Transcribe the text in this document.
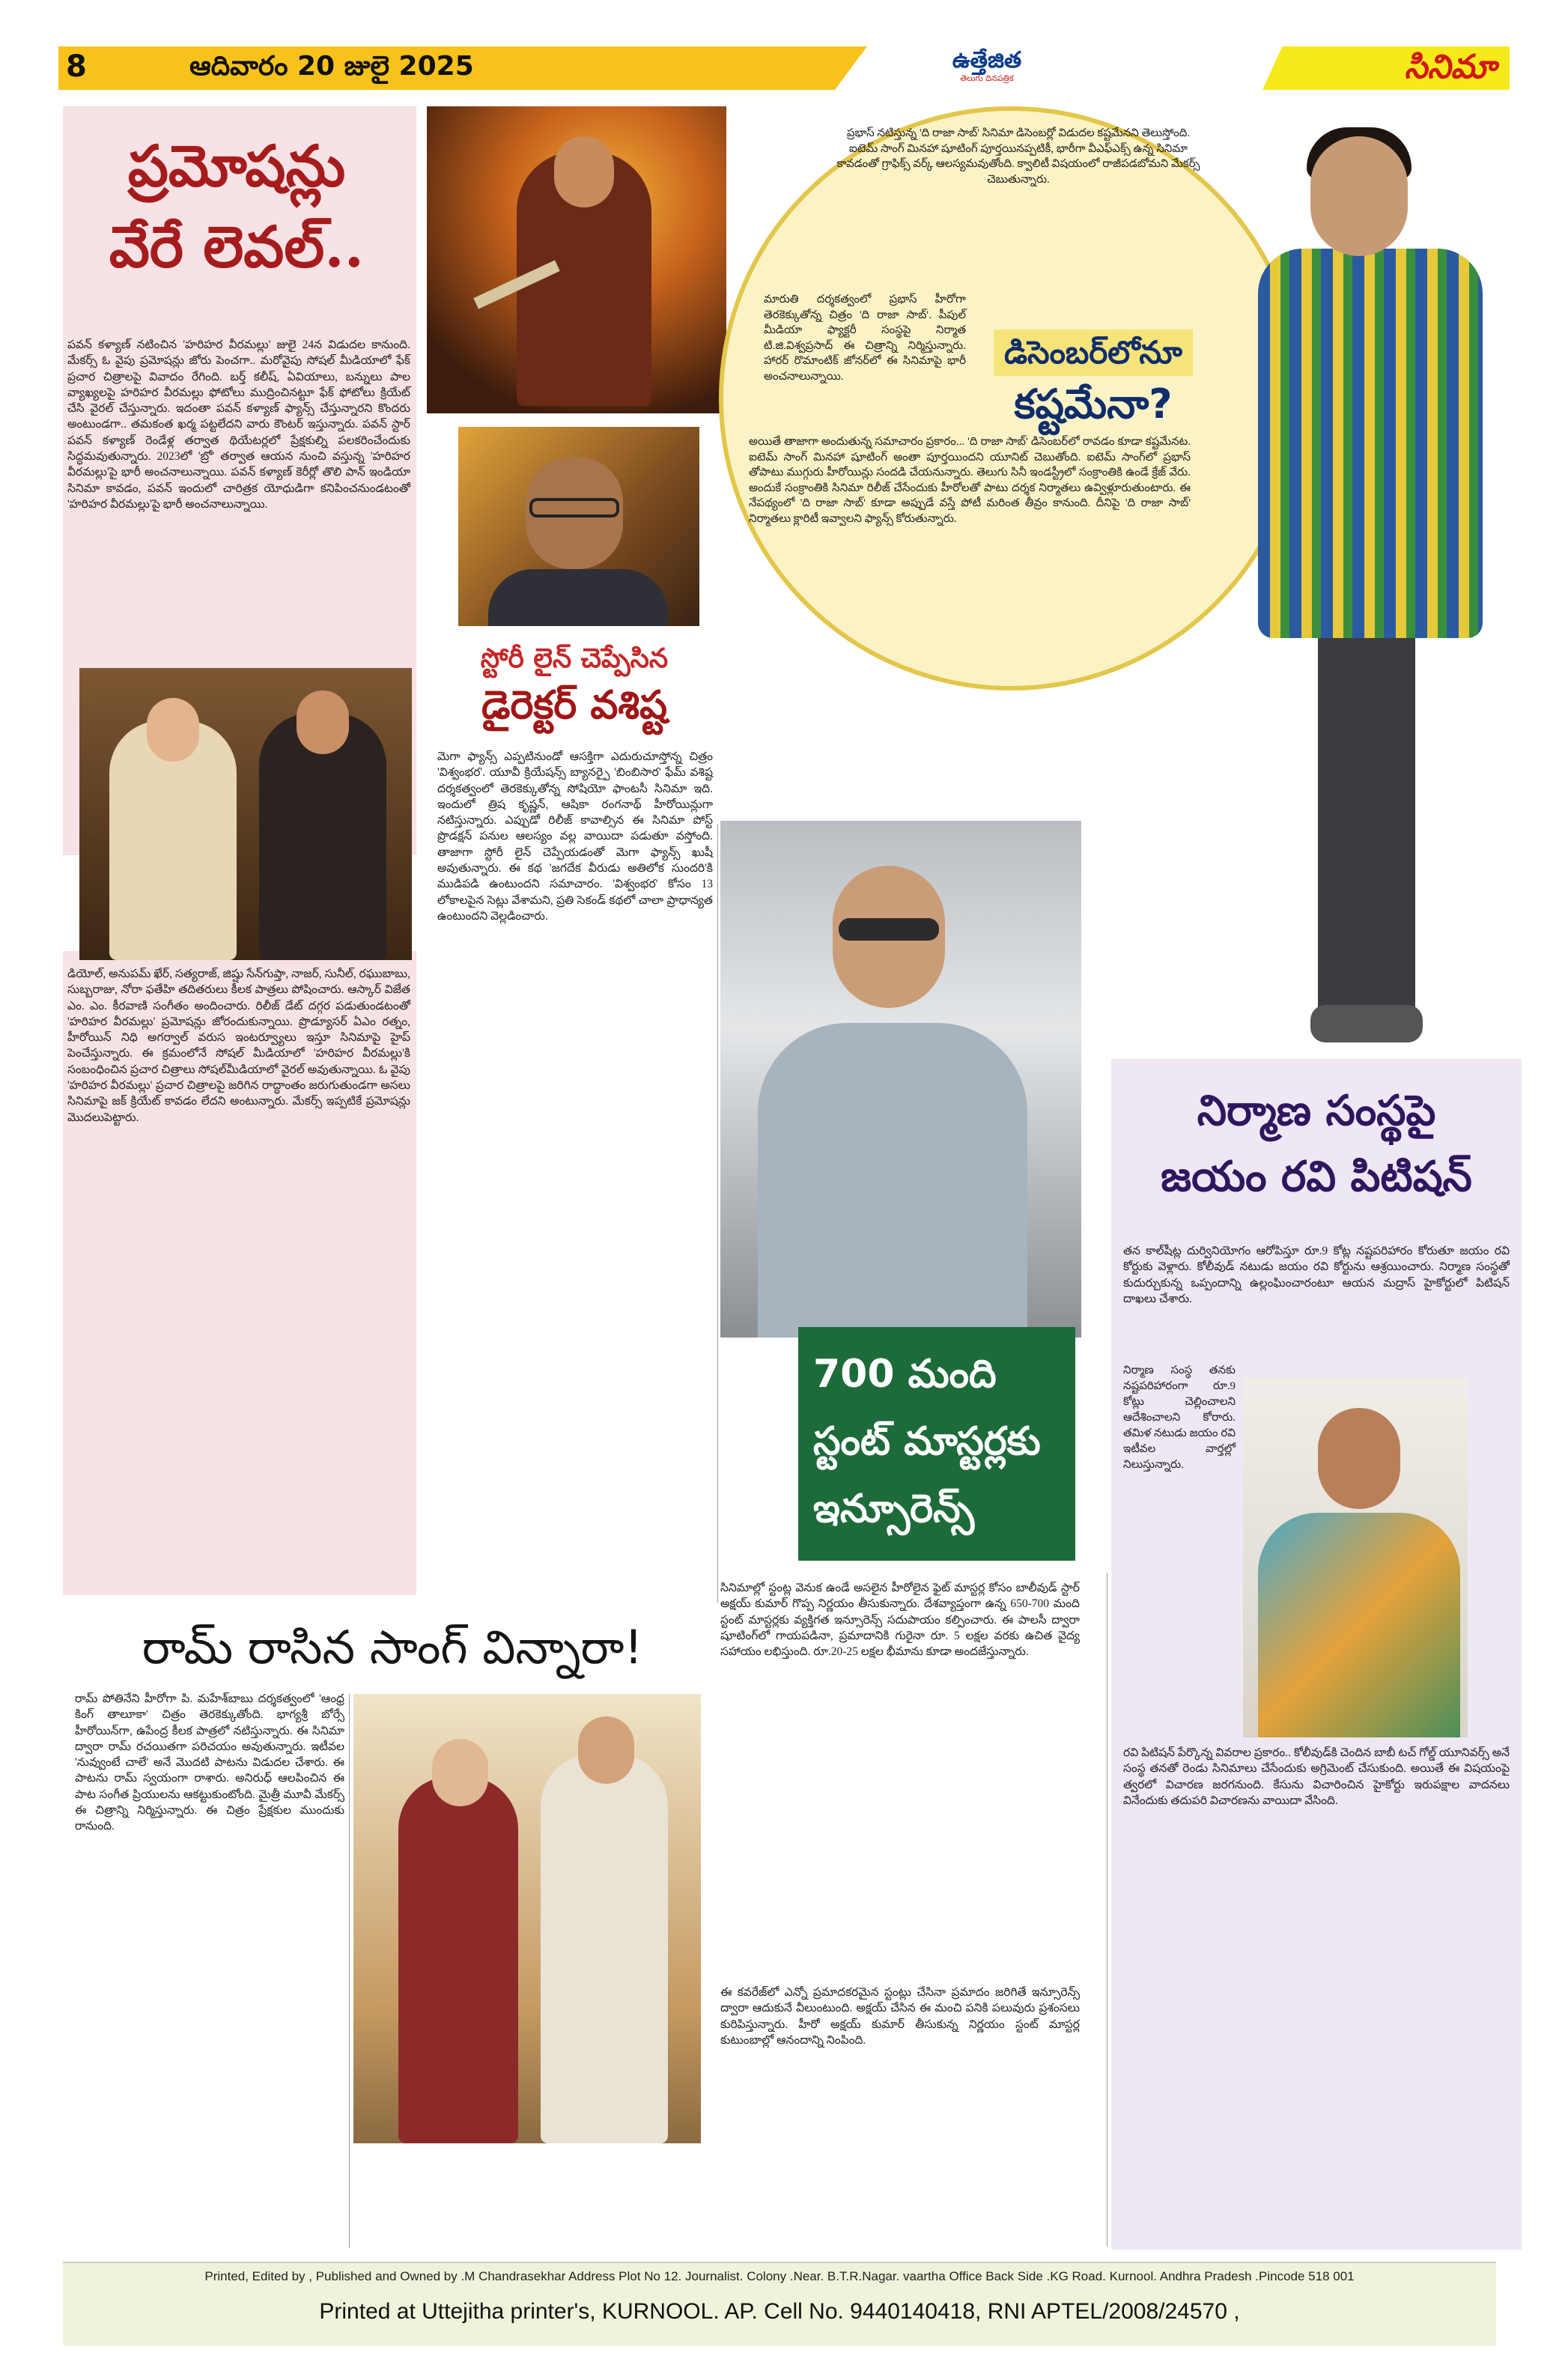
8	ఆదివారం 20 జులై 2025	ఉత్తేజిత
తెలుగు దినపత్రిక	సినిమా
ప్రమోషన్లు
వేరే లెవల్..

పవన్ కళ్యాణ్ నటించిన 'హరిహర వీరమల్లు' జులై 24న విడుదల కానుంది. మేకర్స్ ఓ వైపు ప్రమోషన్లు జోరు పెంచగా.. మరోవైపు సోషల్ మీడియాలో ఫేక్ ప్రచార చిత్రాలపై వివాదం రేగింది. బర్త్ కలీష్, ఏవియాలు, బన్నులు పాల వ్యాఖ్యలపై హరిహర వీరమల్లు ఫోటోలు ముద్రించినట్టూ ఫేక్ ఫోటోలు క్రియేట్ చేసి వైరల్ చేస్తున్నారు. ఇదంతా పవన్ కళ్యాణ్ ఫ్యాన్స్ చేస్తున్నారని కొందరు అంటుండగా.. తమకంత ఖర్మ పట్టలేదని వారు కౌంటర్ ఇస్తున్నారు. పవన్ స్టార్ పవన్ కళ్యాణ్ రెండేళ్ల తర్వాత థియేటర్లలో ప్రేక్షకుల్ని పలకరించేందుకు సిద్ధమవుతున్నారు. 2023లో 'బ్రో' తర్వాత ఆయన నుంచి వస్తున్న 'హరిహర వీరమల్లు'పై భారీ అంచనాలున్నాయి. పవన్ కళ్యాణ్ కెరీర్లో తొలి పాన్ ఇండియా సినిమా కావడం, పవన్ ఇందులో చారిత్రక యోధుడిగా కనిపించనుండటంతో 'హరిహర వీరమల్లు'పై భారీ అంచనాలున్నాయి.

డియోల్, అనుపమ్ ఖేర్, సత్యరాజ్, జిష్షు సేన్‌గుప్తా, నాజర్, సునీల్, రఘుబాబు, సుబ్బరాజు, నోరా ఫతేహి తదితరులు కీలక పాత్రలు పోషించారు. ఆస్కార్ విజేత ఎం. ఎం. కీరవాణి సంగీతం అందించారు. రిలీజ్ డేట్ దగ్గర పడుతుండటంతో 'హరిహర వీరమల్లు' ప్రమోషన్లు జోరందుకున్నాయి. ప్రొడ్యూసర్ ఏఎం రత్నం, హీరోయిన్ నిధి అగర్వాల్ వరుస ఇంటర్వ్యూలు ఇస్తూ సినిమాపై హైప్ పెంచేస్తున్నారు. ఈ క్రమంలోనే సోషల్ మీడియాలో 'హరిహర వీరమల్లు'కి సంబంధించిన ప్రచార చిత్రాలు సోషల్‌మీడియాలో వైరల్ అవుతున్నాయి. ఓ వైపు 'హరిహర వీరమల్లు' ప్రచార చిత్రాలపై జరిగిన రాద్ధాంతం జరుగుతుండగా అసలు సినిమాపై జక్ క్రియేట్ కావడం లేదని అంటున్నారు. మేకర్స్ ఇప్పటికే ప్రమోషన్లు మొదలుపెట్టారు.

స్టోరీ లైన్ చెప్పేసిన
డైరెక్టర్ వశిష్ట

మెగా ఫ్యాన్స్ ఎప్పటినుండో ఆసక్తిగా ఎదురుచూస్తోన్న చిత్రం 'విశ్వంభర'. యూవీ క్రియేషన్స్ బ్యానర్పై 'బింబిసార' ఫేమ్ వశిష్ట దర్శకత్వంలో తెరకెక్కుతోన్న సోషియో ఫాంటసీ సినిమా ఇది. ఇందులో త్రిష కృష్ణన్, ఆషికా రంగనాథ్ హీరోయిన్లుగా నటిస్తున్నారు. ఎప్పుడో రిలీజ్ కావాల్సిన ఈ సినిమా పోస్ట్ ప్రొడక్షన్ పనుల ఆలస్యం వల్ల వాయిదా పడుతూ వస్తోంది. తాజాగా స్టోరీ లైన్ చెప్పేయడంతో మెగా ఫ్యాన్స్ ఖుషీ అవుతున్నారు. ఈ కథ 'జగదేక వీరుడు అతిలోక సుందరి'కి ముడిపడి ఉంటుందని సమాచారం. 'విశ్వంభర' కోసం 13 లోకాలపైన సెట్లు వేశామని, ప్రతి సెకండ్ కథలో చాలా ప్రాధాన్యత ఉంటుందని వెల్లడించారు.

ప్రభాస్ నటిస్తున్న 'ది రాజా సాబ్' సినిమా డిసెంబర్లో విడుదల కష్టమేనని తెలుస్తోంది. ఐటెమ్ సాంగ్ మినహా షూటింగ్ పూర్తయినప్పటికీ, భారీగా వీఎఫ్‌ఎక్స్ ఉన్న సినిమా కావడంతో గ్రాఫిక్స్ వర్క్ ఆలస్యమవుతోంది. క్వాలిటీ విషయంలో రాజీపడబోమని మేకర్స్ చెబుతున్నారు.

మారుతి దర్శకత్వంలో ప్రభాస్ హీరోగా తెరకెక్కుతోన్న చిత్రం 'ది రాజా సాబ్'. పీపుల్ మీడియా ఫ్యాక్టరీ సంస్థపై నిర్మాత టి.జి.విశ్వప్రసాద్ ఈ చిత్రాన్ని నిర్మిస్తున్నారు. హారర్ రొమాంటిక్ జోనర్‌లో ఈ సినిమాపై భారీ అంచనాలున్నాయి.

డిసెంబర్‌లోనూ
కష్టమేనా?

అయితే తాజాగా అందుతున్న సమాచారం ప్రకారం... 'ది రాజా సాబ్' డిసెంబర్‌లో రావడం కూడా కష్టమేనట. ఐటెమ్ సాంగ్ మినహా షూటింగ్ అంతా పూర్తయిందని యూనిట్ చెబుతోంది. ఐటెమ్ సాంగ్‌లో ప్రభాస్ తోపాటు ముగ్గురు హీరోయిన్లు సందడి చేయనున్నారు. తెలుగు సినీ ఇండస్ట్రీలో సంక్రాంతికి ఉండే క్రేజ్ వేరు. అందుకే సంక్రాంతికి సినిమా రిలీజ్ చేసేందుకు హీరోలతో పాటు దర్శక నిర్మాతలు ఉవ్విళ్లూరుతుంటారు. ఈ నేపథ్యంలో 'ది రాజా సాబ్' కూడా అప్పుడే వస్తే పోటీ మరింత తీవ్రం కానుంది. దీనిపై 'ది రాజా సాబ్' నిర్మాతలు క్లారిటీ ఇవ్వాలని ఫ్యాన్స్ కోరుతున్నారు.

700 మంది
స్టంట్ మాస్టర్లకు
ఇన్సూరెన్స్

సినిమాల్లో స్టంట్ల వెనుక ఉండే అసలైన హీరోలైన ఫైట్ మాస్టర్ల కోసం బాలీవుడ్ స్టార్ అక్షయ్ కుమార్ గొప్ప నిర్ణయం తీసుకున్నారు. దేశవ్యాప్తంగా ఉన్న 650-700 మంది స్టంట్ మాస్టర్లకు వ్యక్తిగత ఇన్సూరెన్స్ సదుపాయం కల్పించారు. ఈ పాలసీ ద్వారా షూటింగ్‌లో గాయపడినా, ప్రమాదానికి గురైనా రూ. 5 లక్షల వరకు ఉచిత వైద్య సహాయం లభిస్తుంది. రూ.20-25 లక్షల భీమాను కూడా అందజేస్తున్నారు.

ఈ కవరేజ్‌లో ఎన్నో ప్రమాదకరమైన స్టంట్లు చేసినా ప్రమాదం జరిగితే ఇన్సూరెన్స్ ద్వారా ఆదుకునే వీలుంటుంది. అక్షయ్ చేసిన ఈ మంచి పనికి పలువురు ప్రశంసలు కురిపిస్తున్నారు. హీరో అక్షయ్ కుమార్ తీసుకున్న నిర్ణయం స్టంట్ మాస్టర్ల కుటుంబాల్లో ఆనందాన్ని నింపింది.

నిర్మాణ సంస్థపై
జయం రవి పిటిషన్

తన కాల్‌షీట్ల దుర్వినియోగం ఆరోపిస్తూ రూ.9 కోట్ల నష్టపరిహారం కోరుతూ జయం రవి కోర్టుకు వెళ్లారు. కోలీవుడ్ నటుడు జయం రవి కోర్టును ఆశ్రయించారు. నిర్మాణ సంస్థతో కుదుర్చుకున్న ఒప్పందాన్ని ఉల్లంఘించారంటూ ఆయన మద్రాస్ హైకోర్టులో పిటిషన్ దాఖలు చేశారు.

నిర్మాణ సంస్థ తనకు నష్టపరిహారంగా రూ.9 కోట్లు చెల్లించాలని ఆదేశించాలని కోరారు. తమిళ నటుడు జయం రవి ఇటీవల వార్తల్లో నిలుస్తున్నారు.

రవి పిటిషన్ పేర్కొన్న వివరాల ప్రకారం.. కోలీవుడ్‌కి చెందిన బాబీ టచ్ గోల్డ్ యూనివర్స్ అనే సంస్థ తనతో రెండు సినిమాలు చేసేందుకు అగ్రిమెంట్ చేసుకుంది. అయితే ఈ విషయంపై త్వరలో విచారణ జరగనుంది. కేసును విచారించిన హైకోర్టు ఇరుపక్షాల వాదనలు వినేందుకు తదుపరి విచారణను వాయిదా వేసింది.

రామ్ రాసిన సాంగ్ విన్నారా!

రామ్ పోతినేని హీరోగా పి. మహేశ్‌బాబు దర్శకత్వంలో 'ఆంధ్ర కింగ్ తాలూకా' చిత్రం తెరకెక్కుతోంది. భాగ్యశ్రీ బోర్సే హీరోయిన్‌గా, ఉపేంద్ర కీలక పాత్రలో నటిస్తున్నారు. ఈ సినిమా ద్వారా రామ్ రచయితగా పరిచయం అవుతున్నారు. ఇటీవల 'నువ్వుంటే చాలే' అనే మొదటి పాటను విడుదల చేశారు. ఈ పాటను రామ్ స్వయంగా రాశారు. అనిరుధ్ ఆలపించిన ఈ పాట సంగీత ప్రియులను ఆకట్టుకుంటోంది. మైత్రీ మూవీ మేకర్స్ ఈ చిత్రాన్ని నిర్మిస్తున్నారు. ఈ చిత్రం ప్రేక్షకుల ముందుకు రానుంది.

Printed, Edited by , Published and Owned by .M Chandrasekhar Address Plot No 12. Journalist. Colony .Near. B.T.R.Nagar. vaartha Office Back Side .KG Road. Kurnool. Andhra Pradesh .Pincode 518 001
Printed at Uttejitha printer's, KURNOOL. AP. Cell No. 9440140418, RNI APTEL/2008/24570 ,
